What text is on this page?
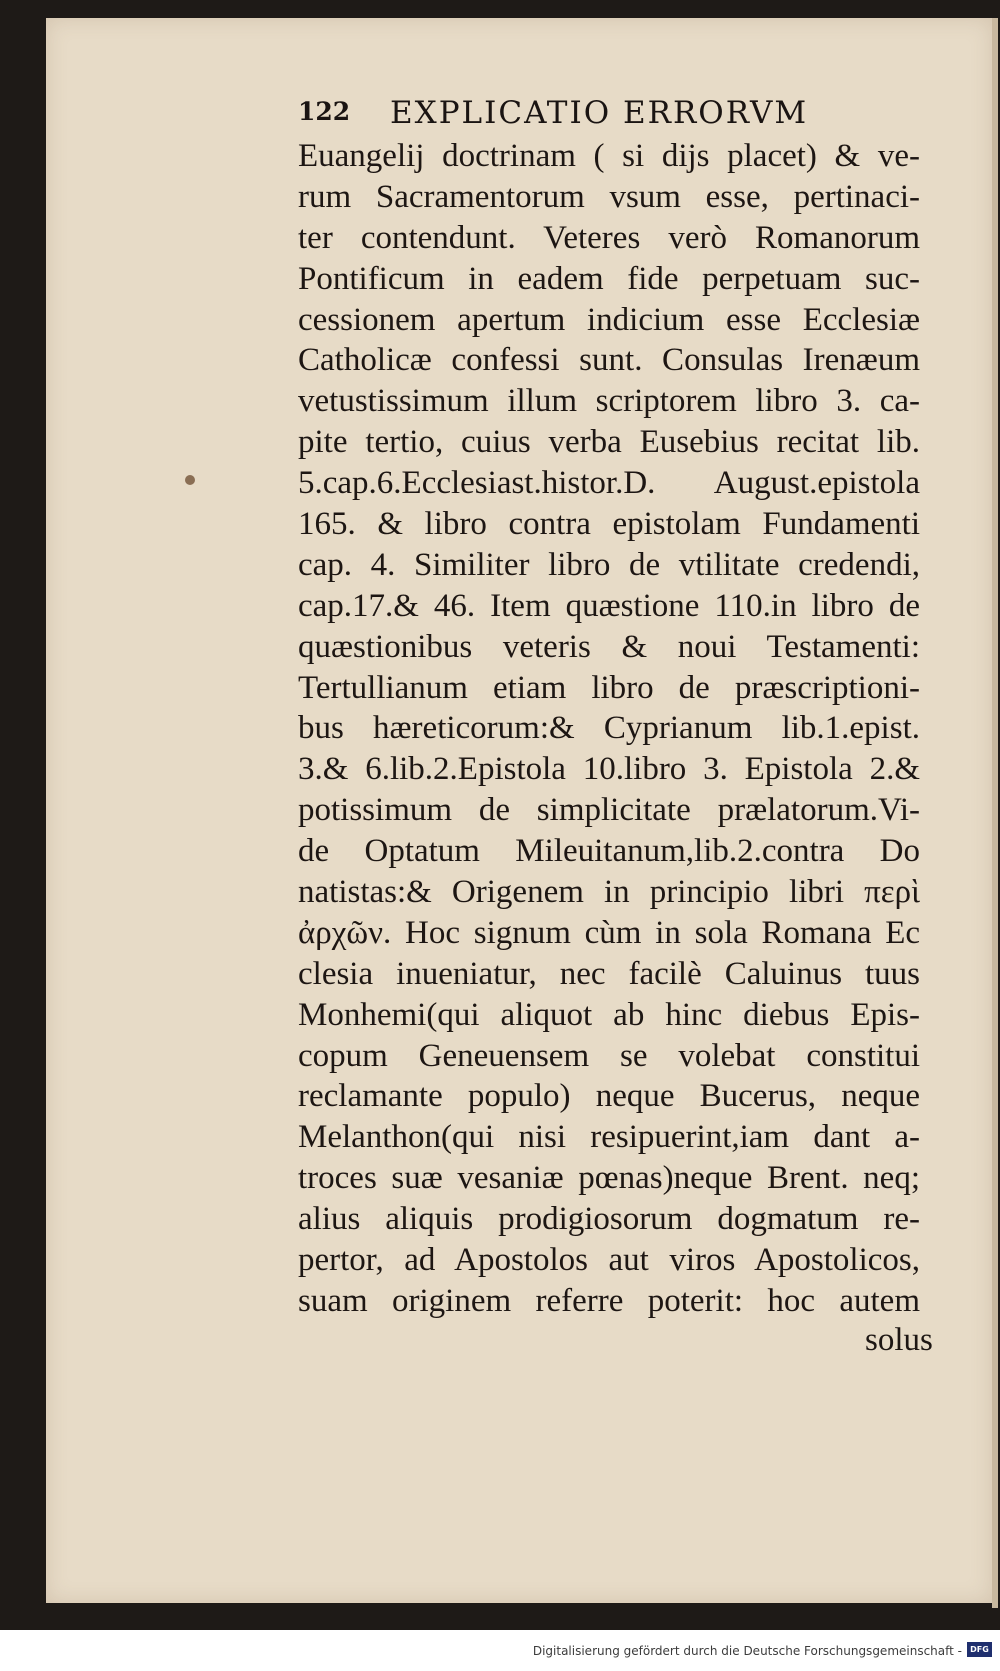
122 EXPLICATIO ERRORVM
Euangelij doctrinam ( si dijs placet) & ve-
rum Sacramentorum vsum esse, pertinaci-
ter contendunt. Veteres verò Romanorum
Pontificum in eadem fide perpetuam suc-
cessionem apertum indicium esse Ecclesiæ
Catholicæ confessi sunt. Consulas Irenæum
vetustissimum illum scriptorem libro 3. ca-
pite tertio, cuius verba Eusebius recitat lib.
5.cap.6.Ecclesiast.histor.D. August.epistola
165. & libro contra epistolam Fundamenti
cap. 4. Similiter libro de vtilitate credendi,
cap.17.& 46. Item quæstione 110.in libro de
quæstionibus veteris & noui Testamenti:
Tertullianum etiam libro de præscriptioni-
bus hæreticorum:& Cyprianum lib.1.epist.
3.& 6.lib.2.Epistola 10.libro 3. Epistola 2.&
potissimum de simplicitate prælatorum.Vi-
de Optatum Mileuitanum,lib.2.contra Do
natistas:& Origenem in principio libri περὶ
ἀρχῶν. Hoc signum cùm in sola Romana Ec
clesia inueniatur, nec facilè Caluinus tuus
Monhemi(qui aliquot ab hinc diebus Epis-
copum Geneuensem se volebat constitui
reclamante populo) neque Bucerus, neque
Melanthon(qui nisi resipuerint,iam dant a-
troces suæ vesaniæ pœnas)neque Brent. neq;
alius aliquis prodigiosorum dogmatum re-
pertor, ad Apostolos aut viros Apostolicos,
suam originem referre poterit: hoc autem
solus
Digitalisierung gefördert durch die Deutsche Forschungsgemeinschaft -	DFG
